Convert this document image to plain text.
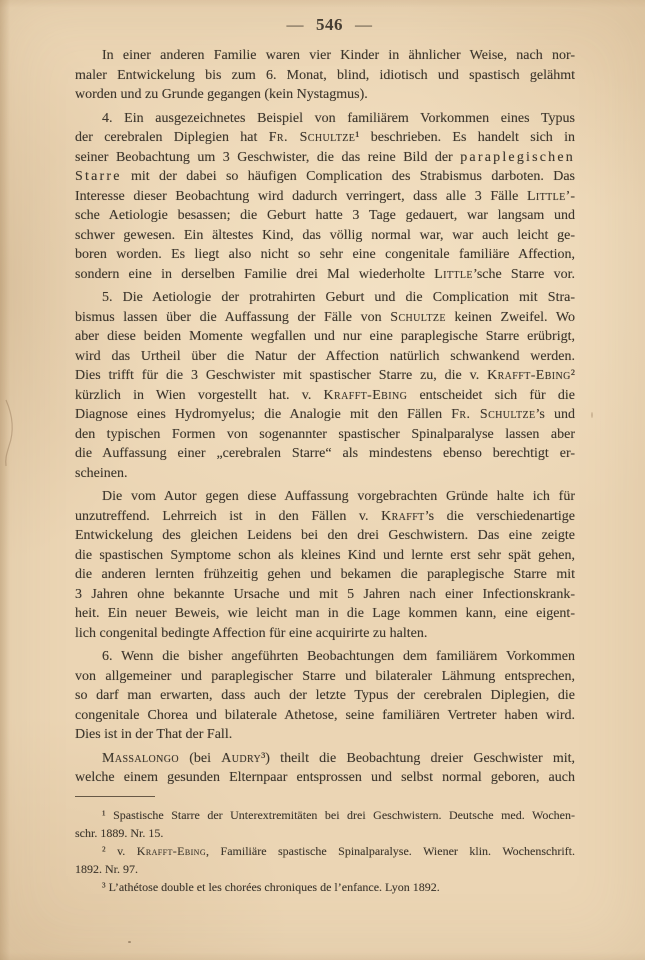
— 546 —
In einer anderen Familie waren vier Kinder in ähnlicher Weise, nach nor-
maler Entwickelung bis zum 6. Monat, blind, idiotisch und spastisch gelähmt
worden und zu Grunde gegangen (kein Nystagmus).
4. Ein ausgezeichnetes Beispiel von familiärem Vorkommen eines Typus
der cerebralen Diplegien hat Fr. Schultze¹ beschrieben. Es handelt sich in
seiner Beobachtung um 3 Geschwister, die das reine Bild der paraplegischen
Starre mit der dabei so häufigen Complication des Strabismus darboten. Das
Interesse dieser Beobachtung wird dadurch verringert, dass alle 3 Fälle Little’-
sche Aetiologie besassen; die Geburt hatte 3 Tage gedauert, war langsam und
schwer gewesen. Ein ältestes Kind, das völlig normal war, war auch leicht ge-
boren worden. Es liegt also nicht so sehr eine congenitale familiäre Affection,
sondern eine in derselben Familie drei Mal wiederholte Little’sche Starre vor.
5. Die Aetiologie der protrahirten Geburt und die Complication mit Stra-
bismus lassen über die Auffassung der Fälle von Schultze keinen Zweifel. Wo
aber diese beiden Momente wegfallen und nur eine paraplegische Starre erübrigt,
wird das Urtheil über die Natur der Affection natürlich schwankend werden.
Dies trifft für die 3 Geschwister mit spastischer Starre zu, die v. Krafft-Ebing²
kürzlich in Wien vorgestellt hat. v. Krafft-Ebing entscheidet sich für die
Diagnose eines Hydromyelus; die Analogie mit den Fällen Fr. Schultze’s und
den typischen Formen von sogenannter spastischer Spinalparalyse lassen aber
die Auffassung einer „cerebralen Starre“ als mindestens ebenso berechtigt er-
scheinen.
Die vom Autor gegen diese Auffassung vorgebrachten Gründe halte ich für
unzutreffend. Lehrreich ist in den Fällen v. Krafft’s die verschiedenartige
Entwickelung des gleichen Leidens bei den drei Geschwistern. Das eine zeigte
die spastischen Symptome schon als kleines Kind und lernte erst sehr spät gehen,
die anderen lernten frühzeitig gehen und bekamen die paraplegische Starre mit
3 Jahren ohne bekannte Ursache und mit 5 Jahren nach einer Infectionskrank-
heit. Ein neuer Beweis, wie leicht man in die Lage kommen kann, eine eigent-
lich congenital bedingte Affection für eine acquirirte zu halten.
6. Wenn die bisher angeführten Beobachtungen dem familiärem Vorkommen
von allgemeiner und paraplegischer Starre und bilateraler Lähmung entsprechen,
so darf man erwarten, dass auch der letzte Typus der cerebralen Diplegien, die
congenitale Chorea und bilaterale Athetose, seine familiären Vertreter haben wird.
Dies ist in der That der Fall.
Massalongo (bei Audry³) theilt die Beobachtung dreier Geschwister mit,
welche einem gesunden Elternpaar entsprossen und selbst normal geboren, auch
¹ Spastische Starre der Unterextremitäten bei drei Geschwistern. Deutsche med. Wochen-
schr. 1889. Nr. 15.
² v. Krafft-Ebing, Familiäre spastische Spinalparalyse. Wiener klin. Wochenschrift.
1892. Nr. 97.
³ L’athétose double et les chorées chroniques de l’enfance. Lyon 1892.
